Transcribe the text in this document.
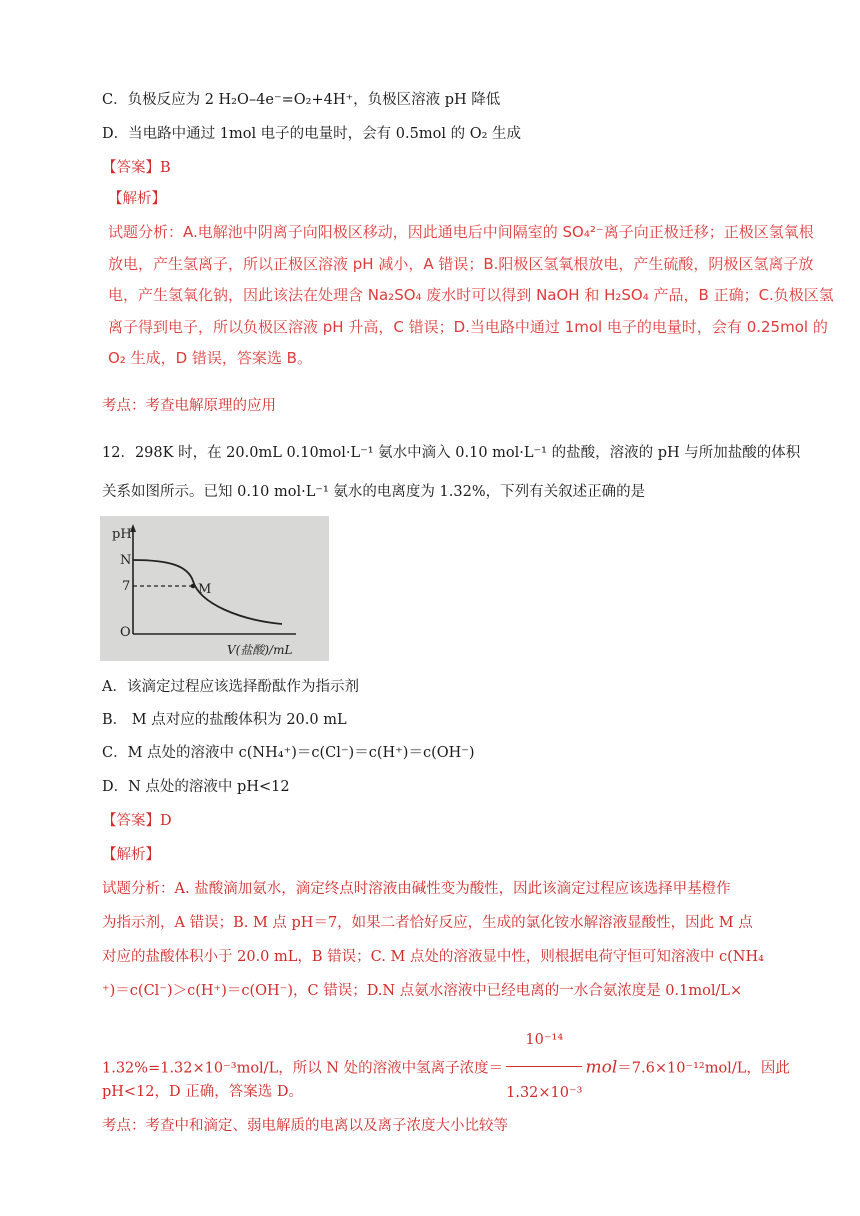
C．负极反应为 2 H₂O–4e⁻=O₂+4H⁺，负极区溶液 pH 降低
D．当电路中通过 1mol 电子的电量时，会有 0.5mol 的 O₂ 生成
【答案】B
【解析】

试题分析：A.电解池中阴离子向阳极区移动，因此通电后中间隔室的 SO₄²⁻离子向正极迁移；正极区氢氧根

放电，产生氢离子，所以正极区溶液 pH 减小，A 错误；B.阳极区氢氧根放电，产生硫酸，阴极区氢离子放

电，产生氢氧化钠，因此该法在处理含 Na₂SO₄ 废水时可以得到 NaOH 和 H₂SO₄ 产品，B 正确；C.负极区氢

离子得到电子，所以负极区溶液 pH 升高，C 错误；D.当电路中通过 1mol 电子的电量时，会有 0.25mol 的

O₂ 生成，D 错误，答案选 B。

考点：考查电解原理的应用
12．298K 时，在 20.0mL 0.10mol·L⁻¹ 氨水中滴入 0.10 mol·L⁻¹ 的盐酸，溶液的 pH 与所加盐酸的体积
关系如图所示。已知 0.10 mol·L⁻¹ 氨水的电离度为 1.32%，下列有关叙述正确的是
pH
N
7	M
O
V(盐酸)/mL
A．该滴定过程应该选择酚酞作为指示剂
B． M 点对应的盐酸体积为 20.0 mL
C．M 点处的溶液中 c(NH₄⁺)＝c(Cl⁻)＝c(H⁺)＝c(OH⁻)
D．N 点处的溶液中 pH<12
【答案】D
【解析】
试题分析：A. 盐酸滴加氨水，滴定终点时溶液由碱性变为酸性，因此该滴定过程应该选择甲基橙作
为指示剂，A 错误；B. M 点 pH＝7，如果二者恰好反应，生成的氯化铵水解溶液显酸性，因此 M 点
对应的盐酸体积小于 20.0 mL，B 错误；C. M 点处的溶液显中性，则根据电荷守恒可知溶液中 c(NH₄
⁺)＝c(Cl⁻)＞c(H⁺)＝c(OH⁻)，C 错误；D.N 点氨水溶液中已经电离的一水合氨浓度是 0.1mol/L×
1.32%=1.32×10⁻³mol/L，所以 N 处的溶液中氢离子浓度＝ $\frac{\text{10⁻¹⁴}}{\text{1.32×10⁻³}} mol=7.6\times 10^{-12}mol/L$，因此
pH<12，D 正确，答案选 D。
考点：考查中和滴定、弱电解质的电离以及离子浓度大小比较等
